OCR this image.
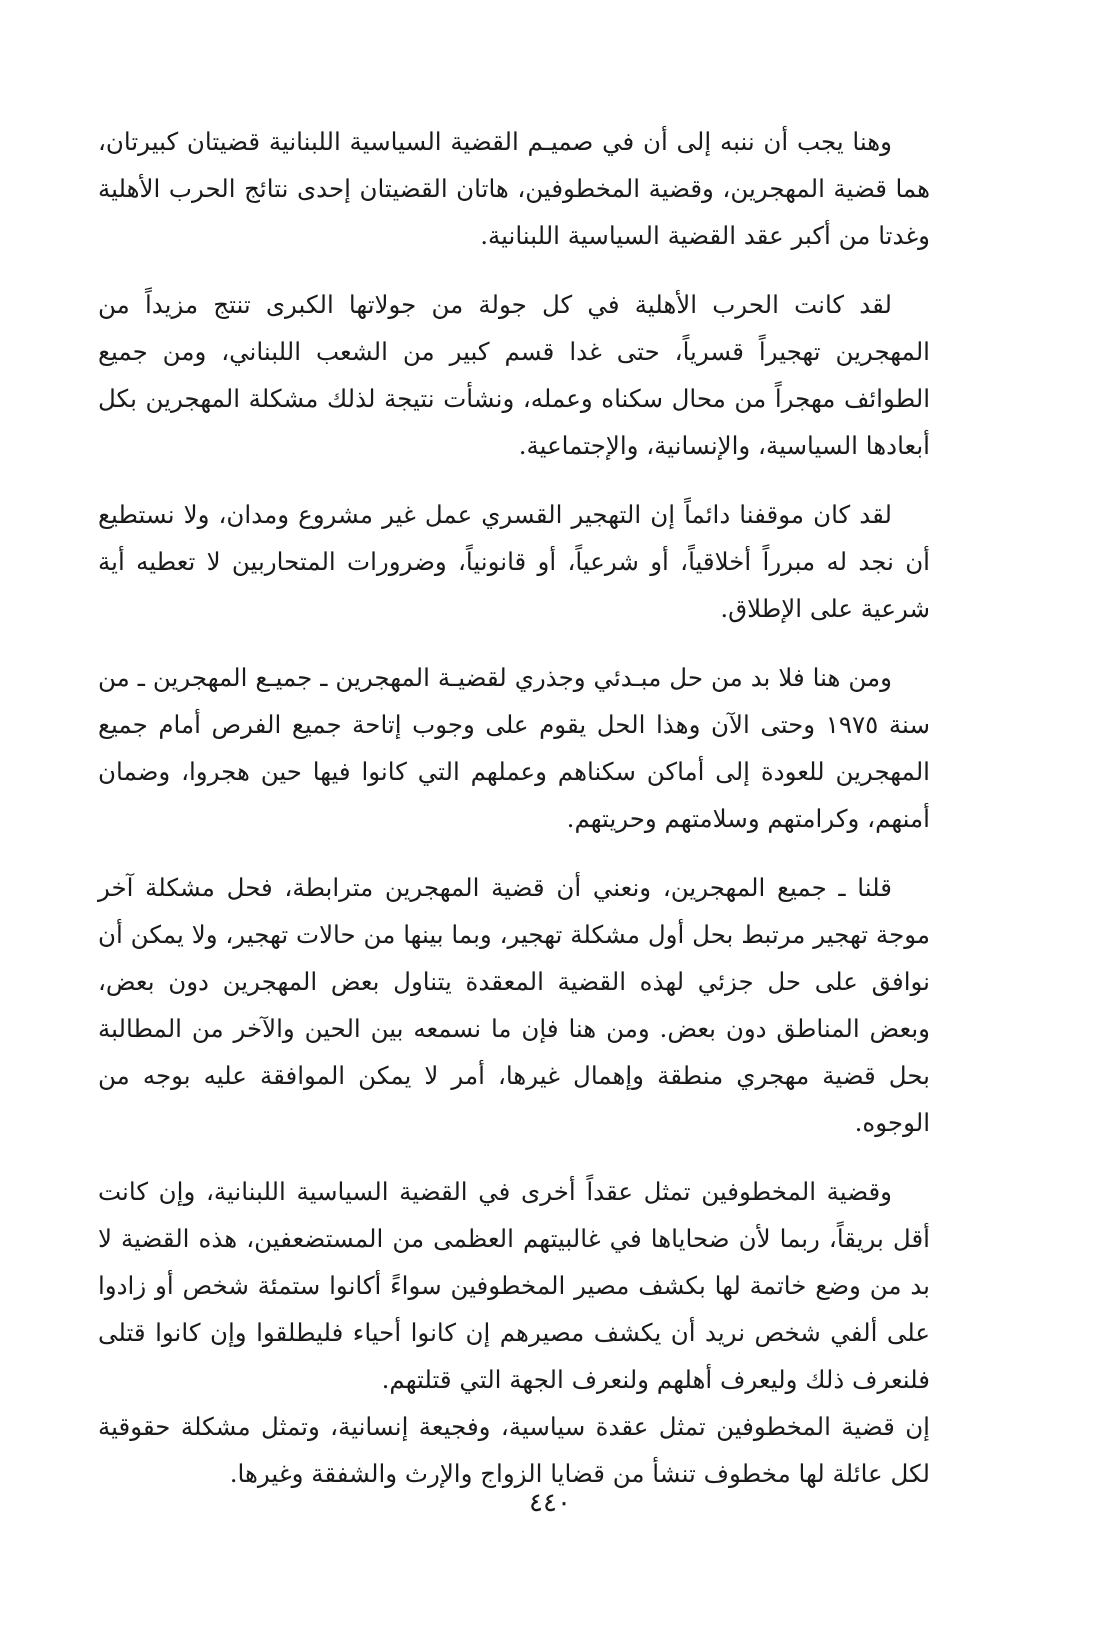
وهنا يجب أن ننبه إلى أن في صميـم القضية السياسية اللبنانية قضيتان كبيرتان، هما قضية المهجرين، وقضية المخطوفين، هاتان القضيتان إحدى نتائج الحرب الأهلية وغدتا من أكبر عقد القضية السياسية اللبنانية.

لقد كانت الحرب الأهلية في كل جولة من جولاتها الكبرى تنتج مزيداً من المهجرين تهجيراً قسرياً، حتى غدا قسم كبير من الشعب اللبناني، ومن جميع الطوائف مهجراً من محال سكناه وعمله، ونشأت نتيجة لذلك مشكلة المهجرين بكل أبعادها السياسية، والإنسانية، والإجتماعية.

لقد كان موقفنا دائماً إن التهجير القسري عمل غير مشروع ومدان، ولا نستطيع أن نجد له مبرراً أخلاقياً، أو شرعياً، أو قانونياً، وضرورات المتحاربين لا تعطيه أية شرعية على الإطلاق.

ومن هنا فلا بد من حل مبـدئي وجذري لقضيـة المهجرين ـ جميـع المهجرين ـ من سنة ١٩٧٥ وحتى الآن وهذا الحل يقوم على وجوب إتاحة جميع الفرص أمام جميع المهجرين للعودة إلى أماكن سكناهم وعملهم التي كانوا فيها حين هجروا، وضمان أمنهم، وكرامتهم وسلامتهم وحريتهم.

قلنا ـ جميع المهجرين، ونعني أن قضية المهجرين مترابطة، فحل مشكلة آخر موجة تهجير مرتبط بحل أول مشكلة تهجير، وبما بينها من حالات تهجير، ولا يمكن أن نوافق على حل جزئي لهذه القضية المعقدة يتناول بعض المهجرين دون بعض، وبعض المناطق دون بعض. ومن هنا فإن ما نسمعه بين الحين والآخر من المطالبة بحل قضية مهجري منطقة وإهمال غيرها، أمر لا يمكن الموافقة عليه بوجه من الوجوه.

وقضية المخطوفين تمثل عقداً أخرى في القضية السياسية اللبنانية، وإن كانت أقل بريقاً، ربما لأن ضحاياها في غالبيتهم العظمى من المستضعفين، هذه القضية لا بد من وضع خاتمة لها بكشف مصير المخطوفين سواءً أكانوا ستمئة شخص أو زادوا على ألفي شخص نريد أن يكشف مصيرهم إن كانوا أحياء فليطلقوا وإن كانوا قتلى فلنعرف ذلك وليعرف أهلهم ولنعرف الجهة التي قتلتهم.

إن قضية المخطوفين تمثل عقدة سياسية، وفجيعة إنسانية، وتمثل مشكلة حقوقية لكل عائلة لها مخطوف تنشأ من قضايا الزواج والإرث والشفقة وغيرها.

٤٤٠
